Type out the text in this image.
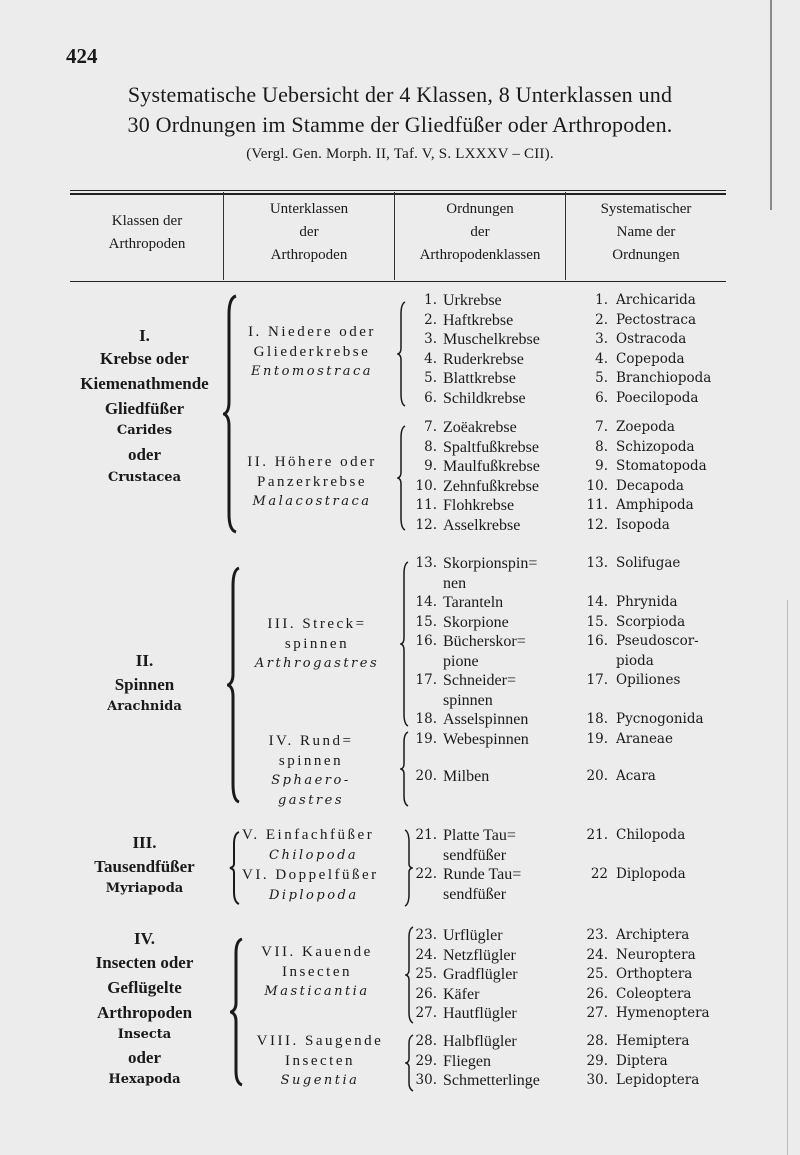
424
Systematische Uebersicht der 4 Klassen, 8 Unterklassen und
30 Ordnungen im Stamme der Gliedfüßer oder Arthropoden.
(Vergl. Gen. Morph. II, Taf. V, S. LXXXV – CII).
Klassen der
Arthropoden
Unterklassen
der
Arthropoden
Ordnungen
der
Arthropodenklassen
Systematischer
Name der
Ordnungen
I.
Krebse oder
Kiemenathmende
Gliedfüßer
Carides
oder
Crustacea
I. Niedere oder
Gliederkrebse
Entomostraca
II. Höhere oder
Panzerkrebse
Malacostraca
1. Urkrebse
2. Haftkrebse
3. Muschelkrebse
4. Ruderkrebse
5. Blattkrebse
6. Schildkrebse
1. Archicarida
2. Pectostraca
3. Ostracoda
4. Copepoda
5. Branchiopoda
6. Poecilopoda
7. Zoëakrebse
8. Spaltfußkrebse
9. Maulfußkrebse
10. Zehnfußkrebse
11. Flohkrebse
12. Asselkrebse
7. Zoepoda
8. Schizopoda
9. Stomatopoda
10. Decapoda
11. Amphipoda
12. Isopoda
II.
Spinnen
Arachnida
III. Streck=
spinnen
Arthrogastres
IV. Rund=
spinnen
Sphaero-
gastres
13. Skorpionspin=
nen
14. Taranteln
15. Skorpione
16. Bücherskor=
pione
17. Schneider=
spinnen
18. Asselspinnen
19. Webespinnen
20. Milben
13. Solifugae
14. Phrynida
15. Scorpioda
16. Pseudoscor-
pioda
17. Opiliones
18. Pycnogonida
19. Araneae
20. Acara
III.
Tausendfüßer
Myriapoda
V. Einfachfüßer
Chilopoda
VI. Doppelfüßer
Diplopoda
21. Platte Tau=
sendfüßer
22. Runde Tau=
sendfüßer
21. Chilopoda
22 Diplopoda
IV.
Insecten oder
Geflügelte
Arthropoden
Insecta
oder
Hexapoda
VII. Kauende
Insecten
Masticantia
VIII. Saugende
Insecten
Sugentia
23. Urflügler
24. Netzflügler
25. Gradflügler
26. Käfer
27. Hautflügler
28. Halbflügler
29. Fliegen
30. Schmetterlinge
23. Archiptera
24. Neuroptera
25. Orthoptera
26. Coleoptera
27. Hymenoptera
28. Hemiptera
29. Diptera
30. Lepidoptera
